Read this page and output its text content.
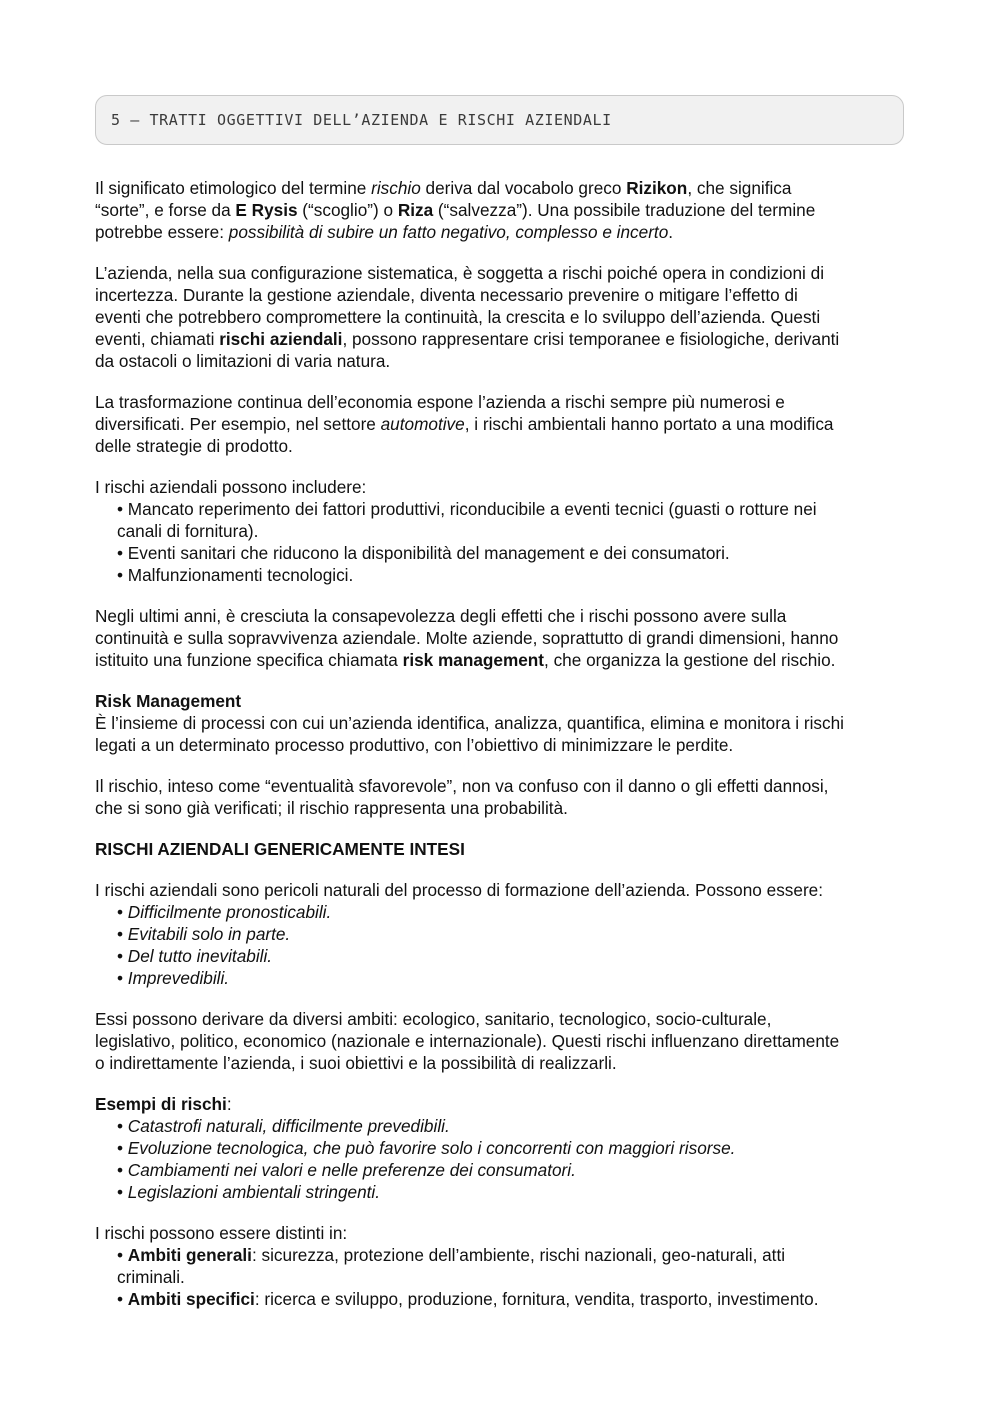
5 – TRATTI OGGETTIVI DELL’AZIENDA E RISCHI AZIENDALI

Il significato etimologico del termine rischio deriva dal vocabolo greco Rizikon, che significa

“sorte”, e forse da E Rysis (“scoglio”) o Riza (“salvezza”). Una possibile traduzione del termine

potrebbe essere: possibilità di subire un fatto negativo, complesso e incerto.

L’azienda, nella sua configurazione sistematica, è soggetta a rischi poiché opera in condizioni di

incertezza. Durante la gestione aziendale, diventa necessario prevenire o mitigare l’effetto di

eventi che potrebbero compromettere la continuità, la crescita e lo sviluppo dell’azienda. Questi

eventi, chiamati rischi aziendali, possono rappresentare crisi temporanee e fisiologiche, derivanti

da ostacoli o limitazioni di varia natura.

La trasformazione continua dell’economia espone l’azienda a rischi sempre più numerosi e

diversificati. Per esempio, nel settore automotive, i rischi ambientali hanno portato a una modifica

delle strategie di prodotto.

I rischi aziendali possono includere:

• Mancato reperimento dei fattori produttivi, riconducibile a eventi tecnici (guasti o rotture nei

canali di fornitura).

• Eventi sanitari che riducono la disponibilità del management e dei consumatori.

• Malfunzionamenti tecnologici.

Negli ultimi anni, è cresciuta la consapevolezza degli effetti che i rischi possono avere sulla

continuità e sulla sopravvivenza aziendale. Molte aziende, soprattutto di grandi dimensioni, hanno

istituito una funzione specifica chiamata risk management, che organizza la gestione del rischio.

Risk Management

È l’insieme di processi con cui un’azienda identifica, analizza, quantifica, elimina e monitora i rischi

legati a un determinato processo produttivo, con l’obiettivo di minimizzare le perdite.

Il rischio, inteso come “eventualità sfavorevole”, non va confuso con il danno o gli effetti dannosi,

che si sono già verificati; il rischio rappresenta una probabilità.

RISCHI AZIENDALI GENERICAMENTE INTESI

I rischi aziendali sono pericoli naturali del processo di formazione dell’azienda. Possono essere:

• Difficilmente pronosticabili.

• Evitabili solo in parte.

• Del tutto inevitabili.

• Imprevedibili.

Essi possono derivare da diversi ambiti: ecologico, sanitario, tecnologico, socio-culturale,

legislativo, politico, economico (nazionale e internazionale). Questi rischi influenzano direttamente

o indirettamente l’azienda, i suoi obiettivi e la possibilità di realizzarli.

Esempi di rischi:

• Catastrofi naturali, difficilmente prevedibili.

• Evoluzione tecnologica, che può favorire solo i concorrenti con maggiori risorse.

• Cambiamenti nei valori e nelle preferenze dei consumatori.

• Legislazioni ambientali stringenti.

I rischi possono essere distinti in:

• Ambiti generali: sicurezza, protezione dell’ambiente, rischi nazionali, geo-naturali, atti

criminali.

• Ambiti specifici: ricerca e sviluppo, produzione, fornitura, vendita, trasporto, investimento.
